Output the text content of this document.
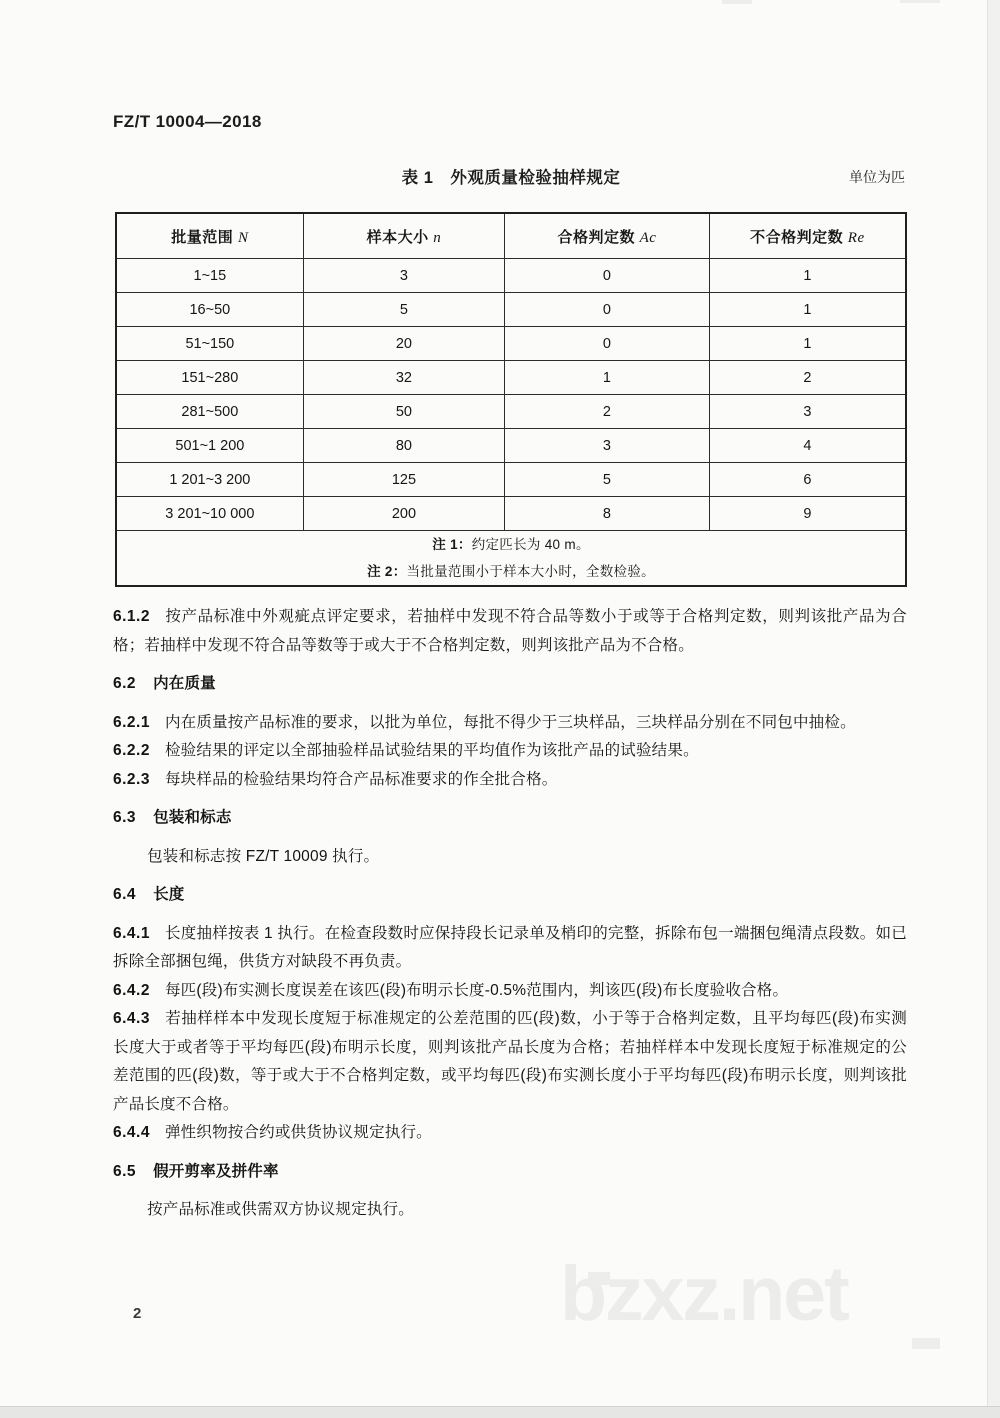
bzxz.net
FZ/T 10004—2018
表 1　外观质量检验抽样规定	单位为匹
批量范围 N	样本大小 n	合格判定数 Ac	不合格判定数 Re
1~15	3	0	1
16~50	5	0	1
51~150	20	0	1
151~280	32	1	2
281~500	50	2	3
501~1 200	80	3	4
1 201~3 200	125	5	6
3 201~10 000	200	8	9

注 1：约定匹长为 40 m。
注 2：当批量范围小于样本大小时，全数检验。			
6.1.2 按产品标准中外观疵点评定要求，若抽样中发现不符合品等数小于或等于合格判定数，则判该批产品为合格；若抽样中发现不符合品等数等于或大于不合格判定数，则判该批产品为不合格。
6.2 内在质量
6.2.1 内在质量按产品标准的要求，以批为单位，每批不得少于三块样品，三块样品分别在不同包中抽检。
6.2.2 检验结果的评定以全部抽验样品试验结果的平均值作为该批产品的试验结果。
6.2.3 每块样品的检验结果均符合产品标准要求的作全批合格。
6.3 包装和标志
包装和标志按 FZ/T 10009 执行。
6.4 长度
6.4.1 长度抽样按表 1 执行。在检查段数时应保持段长记录单及梢印的完整，拆除布包一端捆包绳清点段数。如已拆除全部捆包绳，供货方对缺段不再负责。
6.4.2 每匹(段)布实测长度误差在该匹(段)布明示长度-0.5%范围内，判该匹(段)布长度验收合格。
6.4.3 若抽样样本中发现长度短于标准规定的公差范围的匹(段)数，小于等于合格判定数，且平均每匹(段)布实测长度大于或者等于平均每匹(段)布明示长度，则判该批产品长度为合格；若抽样样本中发现长度短于标准规定的公差范围的匹(段)数，等于或大于不合格判定数，或平均每匹(段)布实测长度小于平均每匹(段)布明示长度，则判该批产品长度不合格。
6.4.4 弹性织物按合约或供货协议规定执行。
6.5 假开剪率及拼件率
按产品标准或供需双方协议规定执行。
2
